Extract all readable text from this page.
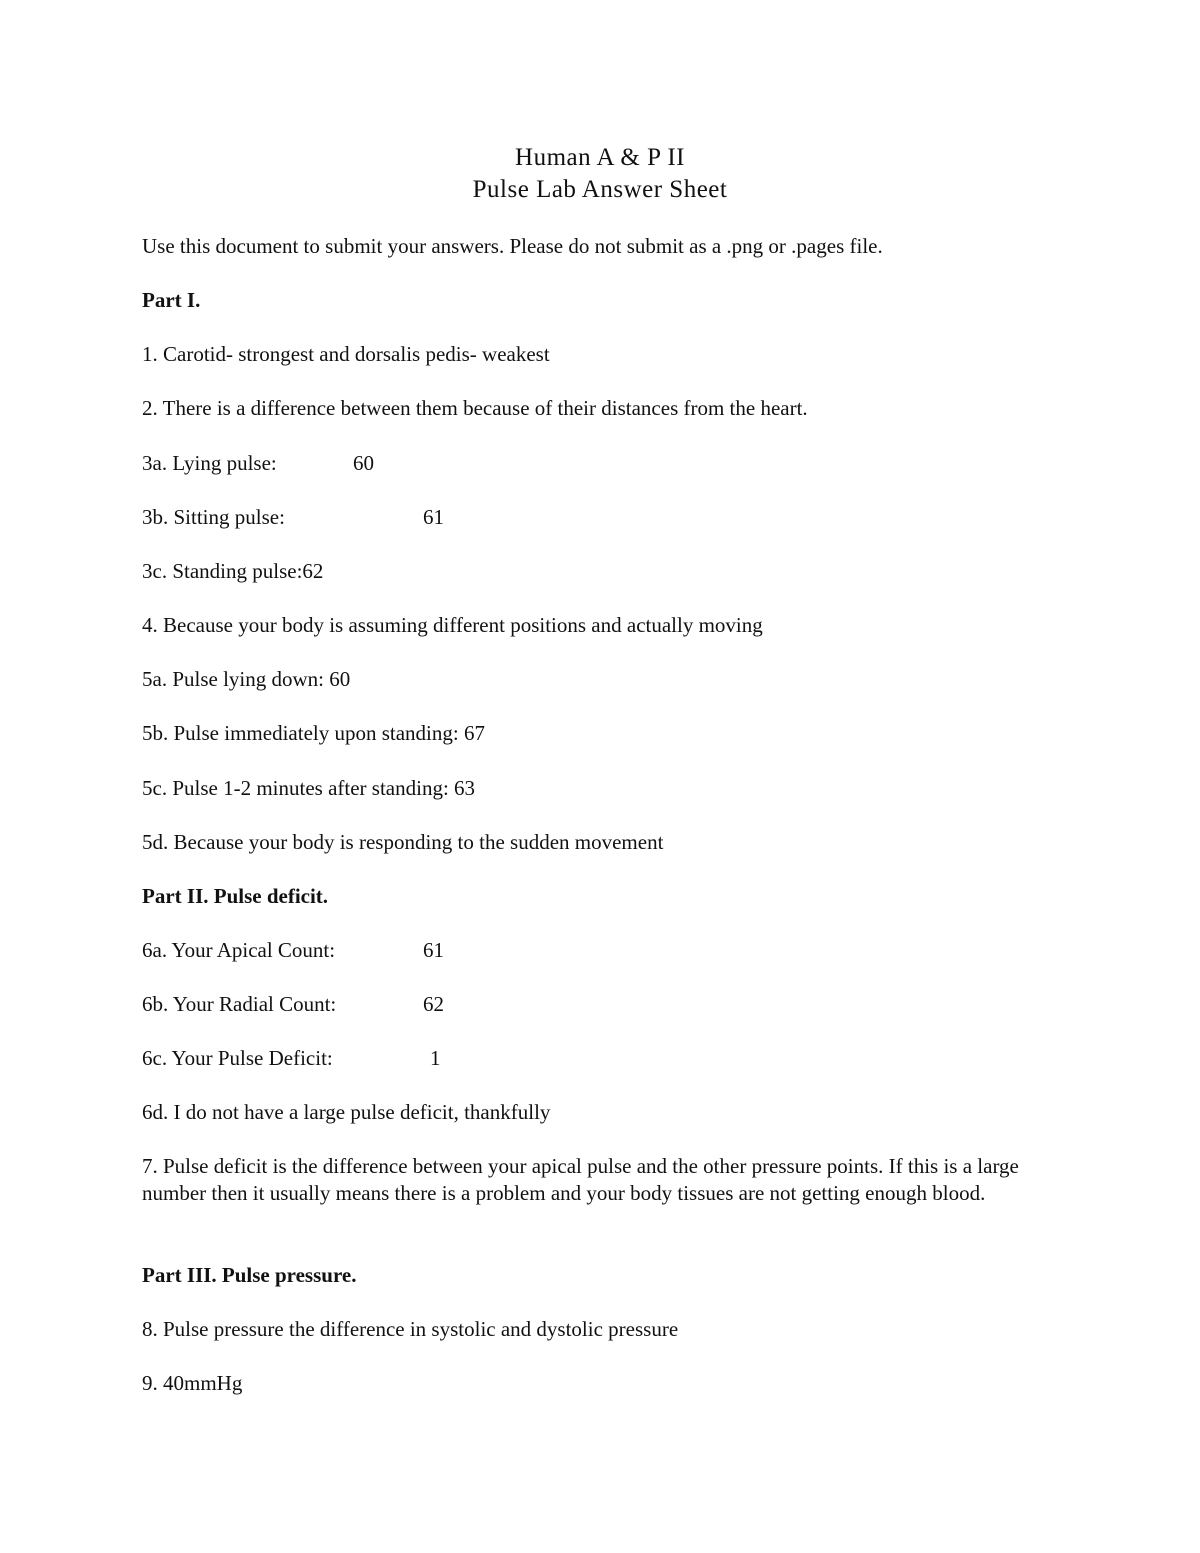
Human A & P II
Pulse Lab Answer Sheet
Use this document to submit your answers. Please do not submit as a .png or .pages file.
Part I.
1. Carotid- strongest and dorsalis pedis- weakest
2. There is a difference between them because of their distances from the heart.
3a. Lying pulse:	60
3b. Sitting pulse:	61
3c. Standing pulse:62
4. Because your body is assuming different positions and actually moving
5a. Pulse lying down: 60
5b. Pulse immediately upon standing: 67
5c. Pulse 1-2 minutes after standing: 63
5d. Because your body is responding to the sudden movement
Part II. Pulse deficit.
6a. Your Apical Count:	61
6b. Your Radial Count:	62
6c. Your Pulse Deficit:	1
6d. I do not have a large pulse deficit, thankfully
7. Pulse deficit is the difference between your apical pulse and the other pressure points. If this is a large number then it usually means there is a problem and your body tissues are not getting enough blood.
Part III. Pulse pressure.
8. Pulse pressure the difference in systolic and dystolic pressure
9. 40mmHg
